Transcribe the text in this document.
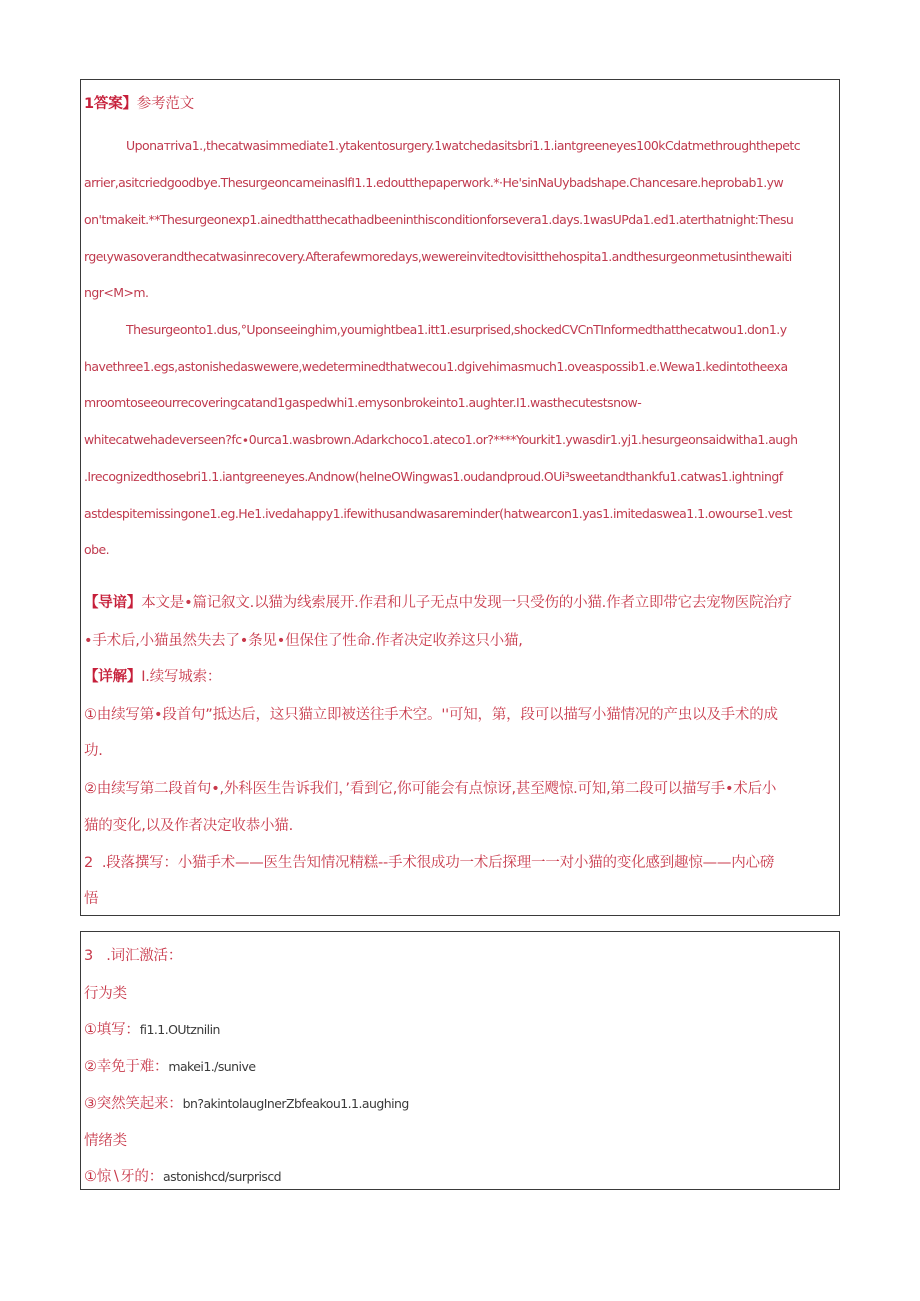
1答案】参考范文
Uponaтriva1.,thecatwasimmediate1.ytakentosurgery.1watchedasitsbri1.1.iantgreeneyes100kCdatmethroughthepetc
arrier,asitcriedgoodbye.ThesurgeoncameinaslfI1.1.edoutthepaperwork.*·He'sinNaUybadshape.Chancesare.heprobab1.yw
on'tmakeit.**Thesurgeonexp1.ainedthatthecathadbeeninthisconditionforsevera1.days.1wasUPda1.ed1.aterthatnight:Thesu
rgeιywasoverandthecatwasinrecovery.Afterafewmoredays,wewereinvitedtovisitthehospita1.andthesurgeonmetusinthewaiti
ngr<M>m.
Thesurgeonto1.dus,°Uponseeinghim,youmightbea1.itt1.esurprised,shockedCVCnTInformedthatthecatwou1.don1.y
havethree1.egs,astonishedaswewere,wedeterminedthatwecou1.dgivehimasmuch1.oveaspossib1.e.Wewa1.kedintotheexa
mroomtoseeourrecoveringcatand1gaspedwhi1.emysonbrokeinto1.aughter.I1.wasthecutestsnow-
whitecatwehadeverseen?fc∙0urca1.wasbrown.Adarkchoco1.ateco1.or?****Yourkit1.ywasdir1.yj1.hesurgeonsaidwitha1.augh
.Irecognizedthosebri1.1.iantgreeneyes.Andnow(heInеOWingwas1.oudandproud.OUi³sweetandthankfu1.catwas1.ightningf
astdespitemissingone1.eg.He1.ivedahappy1.ifewithusandwasareminder(hatwearcon1.yas1.imitedaswea1.1.owourse1.vest
obe.
【导谙】本文是•篇记叙文.以猫为线索展开.作君和儿子无点中发现一只受伤的小猫.作者立即带它去宠物医院治疗
•手术后,小猫虽然失去了•条见•但保住了性命.作者决定收养这只小猫,
【详解】I.续写城索：
①由续写第•段首句”抵达后，这只猫立即被送往手术空。''可知，第，段可以描写小猫情况的产虫以及手术的成
功.
②由续写第二段首句•,外科医生告诉我们，’看到它,你可能会有点惊讶,甚至飕惊.可知,第二段可以描写手•术后小
猫的变化,以及作者决定收恭小猫.
2  .段落撰写：小猫手术——医生告知情况精糕--手术很成功一术后探理一一对小猫的变化感到趣惊——内心磅
悟
3   .词汇激活：
行为类
①填写：fi1.1.OUtznilin
②幸免于难：makei1.∕sunive
③突然笑起来：bn?akintolaugInerZbfeakou1.1.aughing
情绪类
①惊∖牙的：astonishcd∕surpriscd
